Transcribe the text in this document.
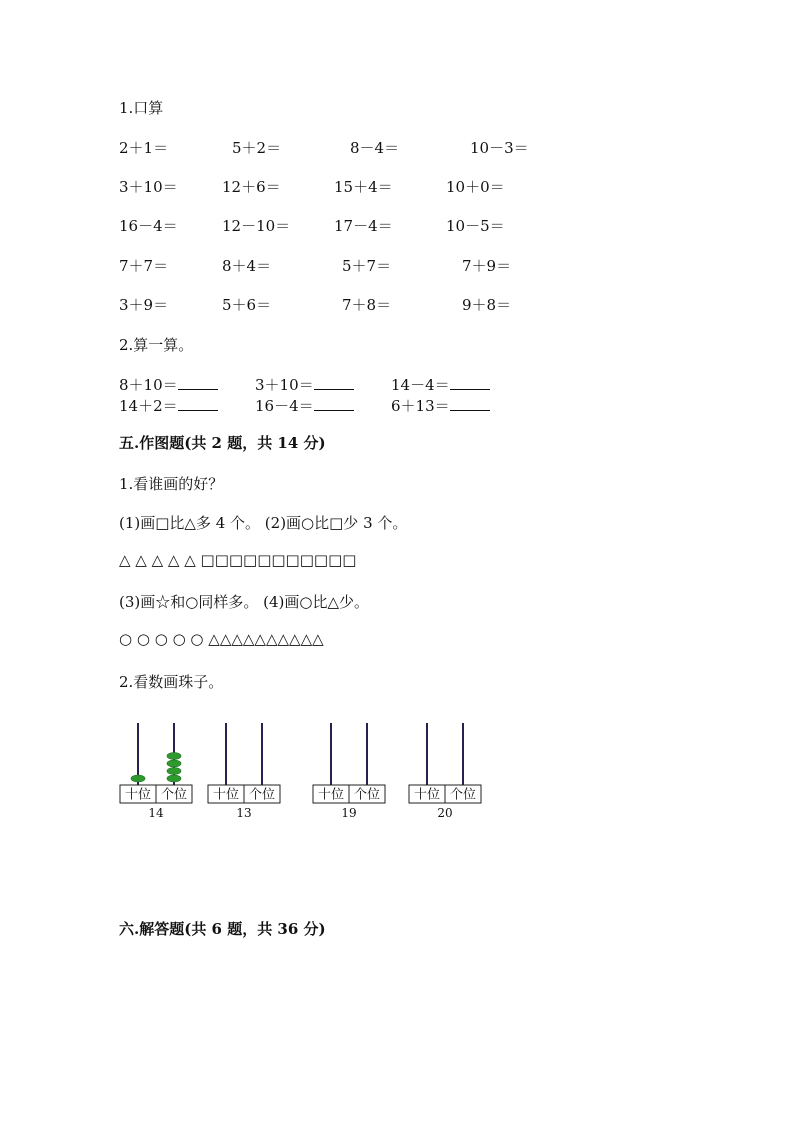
1.口算
2＋1＝	5＋2＝	8－4＝	10－3＝
3＋10＝	12＋6＝	15＋4＝	10＋0＝
16－4＝	12－10＝	17－4＝	10－5＝
7＋7＝	8＋4＝	5＋7＝	7＋9＝
3＋9＝	5＋6＝	7＋8＝	9＋8＝
2.算一算。
8＋10＝	3＋10＝	14－4＝
14＋2＝	16－4＝	6＋13＝
五.作图题(共 2 题，共 14 分)
1.看谁画的好？
(1)画□比△多 4 个。 (2)画○比□少 3 个。
△ △ △ △ △ □□□□□□□□□□□
(3)画☆和○同样多。 (4)画○比△少。
○ ○ ○ ○ ○ △△△△△△△△△△
2.看数画珠子。
十位 个位
14
十位 个位
13
十位 个位
19
十位 个位
20
六.解答题(共 6 题，共 36 分)
